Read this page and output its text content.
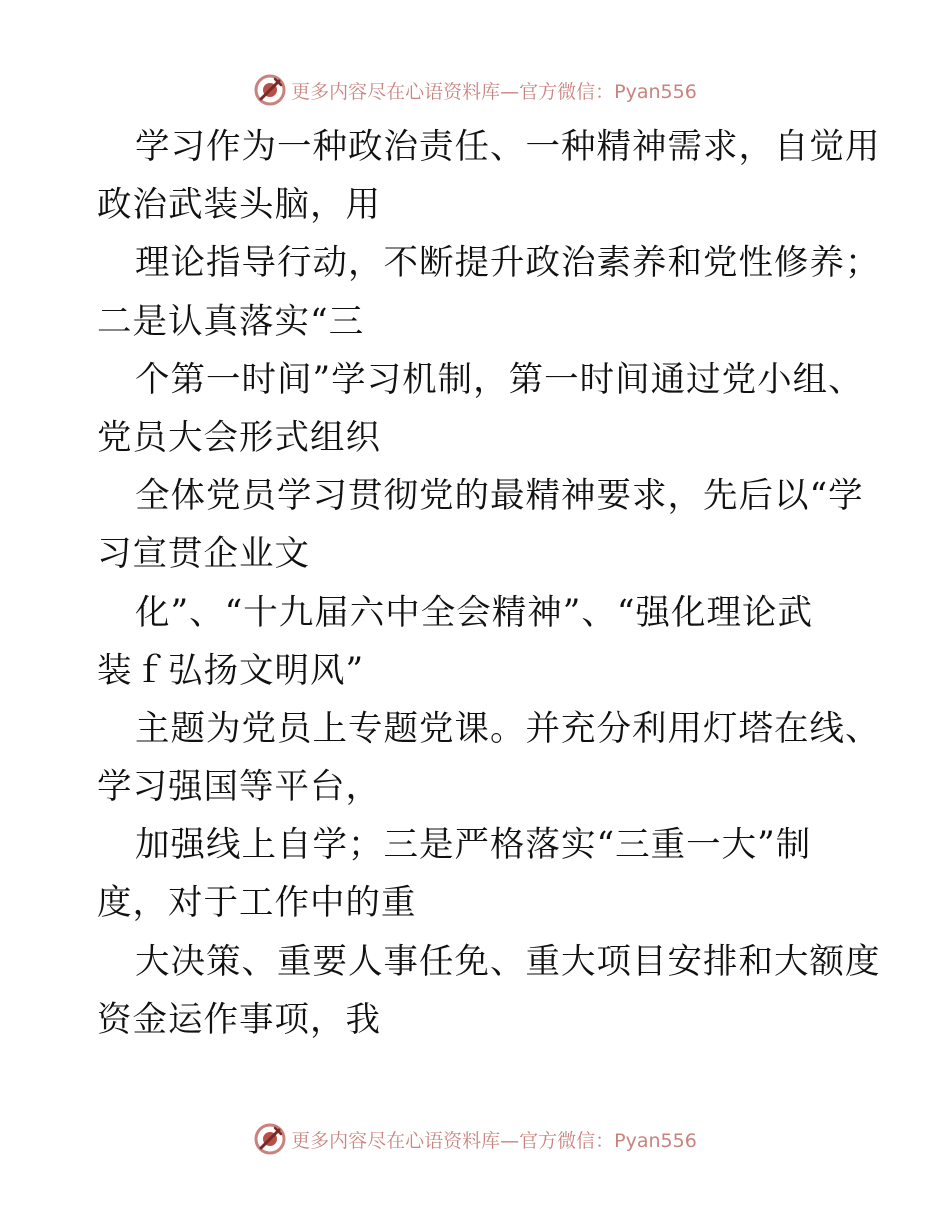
更多内容尽在心语资料库—官方微信：Pyan556
学习作为一种政治责任、一种精神需求，自觉用
政治武装头脑，用
理论指导行动，不断提升政治素养和党性修养；
二是认真落实“三
个第一时间”学习机制，第一时间通过党小组、
党员大会形式组织
全体党员学习贯彻党的最精神要求，先后以“学
习宣贯企业文
化”、“十九届六中全会精神”、“强化理论武
装ｆ弘扬文明风”
主题为党员上专题党课。并充分利用灯塔在线、
学习强国等平台，
加强线上自学；三是严格落实“三重一大”制
度，对于工作中的重
大决策、重要人事任免、重大项目安排和大额度
资金运作事项，我
更多内容尽在心语资料库—官方微信：Pyan556
